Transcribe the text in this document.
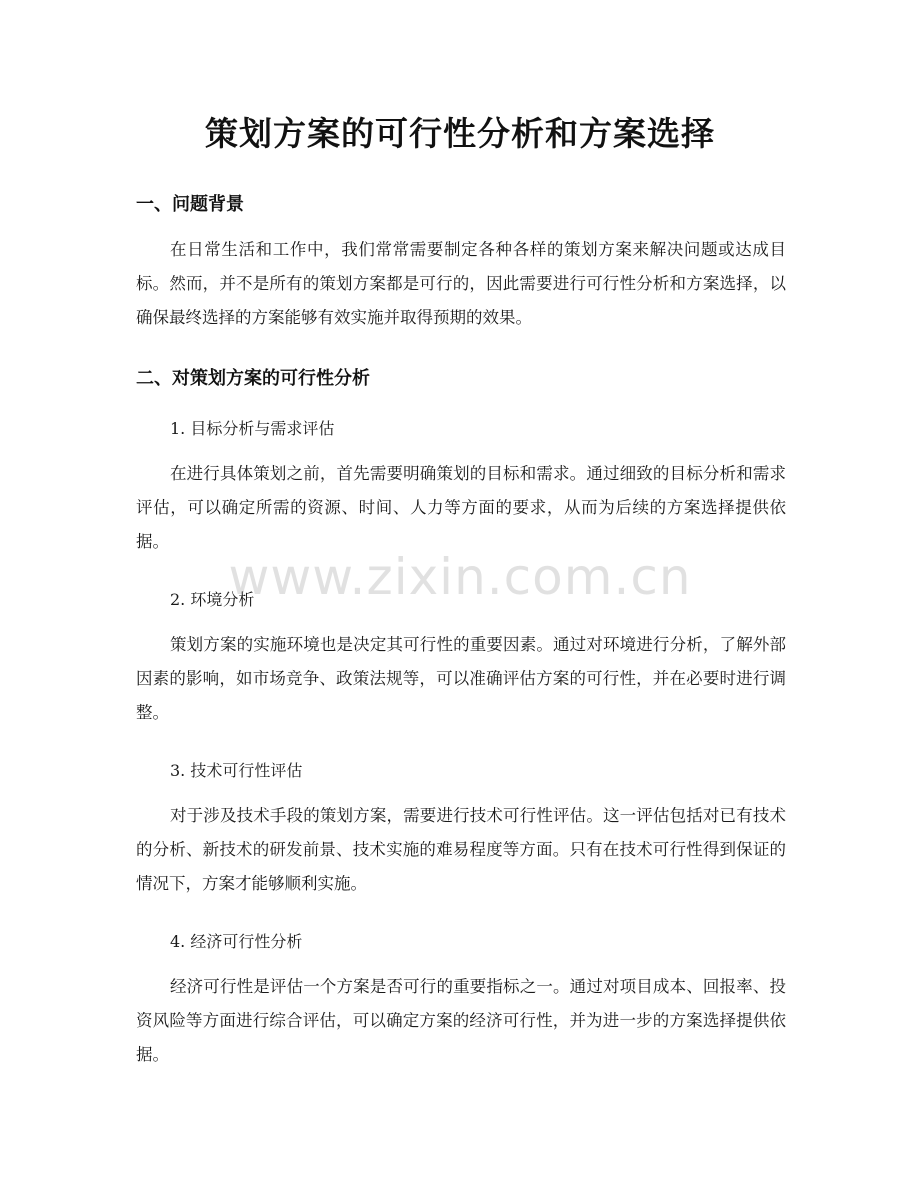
策划方案的可行性分析和方案选择
一、问题背景
在日常生活和工作中，我们常常需要制定各种各样的策划方案来解决问题或达成目标。然而，并不是所有的策划方案都是可行的，因此需要进行可行性分析和方案选择，以确保最终选择的方案能够有效实施并取得预期的效果。
二、对策划方案的可行性分析
1. 目标分析与需求评估
在进行具体策划之前，首先需要明确策划的目标和需求。通过细致的目标分析和需求评估，可以确定所需的资源、时间、人力等方面的要求，从而为后续的方案选择提供依据。
2. 环境分析
策划方案的实施环境也是决定其可行性的重要因素。通过对环境进行分析，了解外部因素的影响，如市场竞争、政策法规等，可以准确评估方案的可行性，并在必要时进行调整。
3. 技术可行性评估
对于涉及技术手段的策划方案，需要进行技术可行性评估。这一评估包括对已有技术的分析、新技术的研发前景、技术实施的难易程度等方面。只有在技术可行性得到保证的情况下，方案才能够顺利实施。
4. 经济可行性分析
经济可行性是评估一个方案是否可行的重要指标之一。通过对项目成本、回报率、投资风险等方面进行综合评估，可以确定方案的经济可行性，并为进一步的方案选择提供依据。
www.zixin.com.cn
